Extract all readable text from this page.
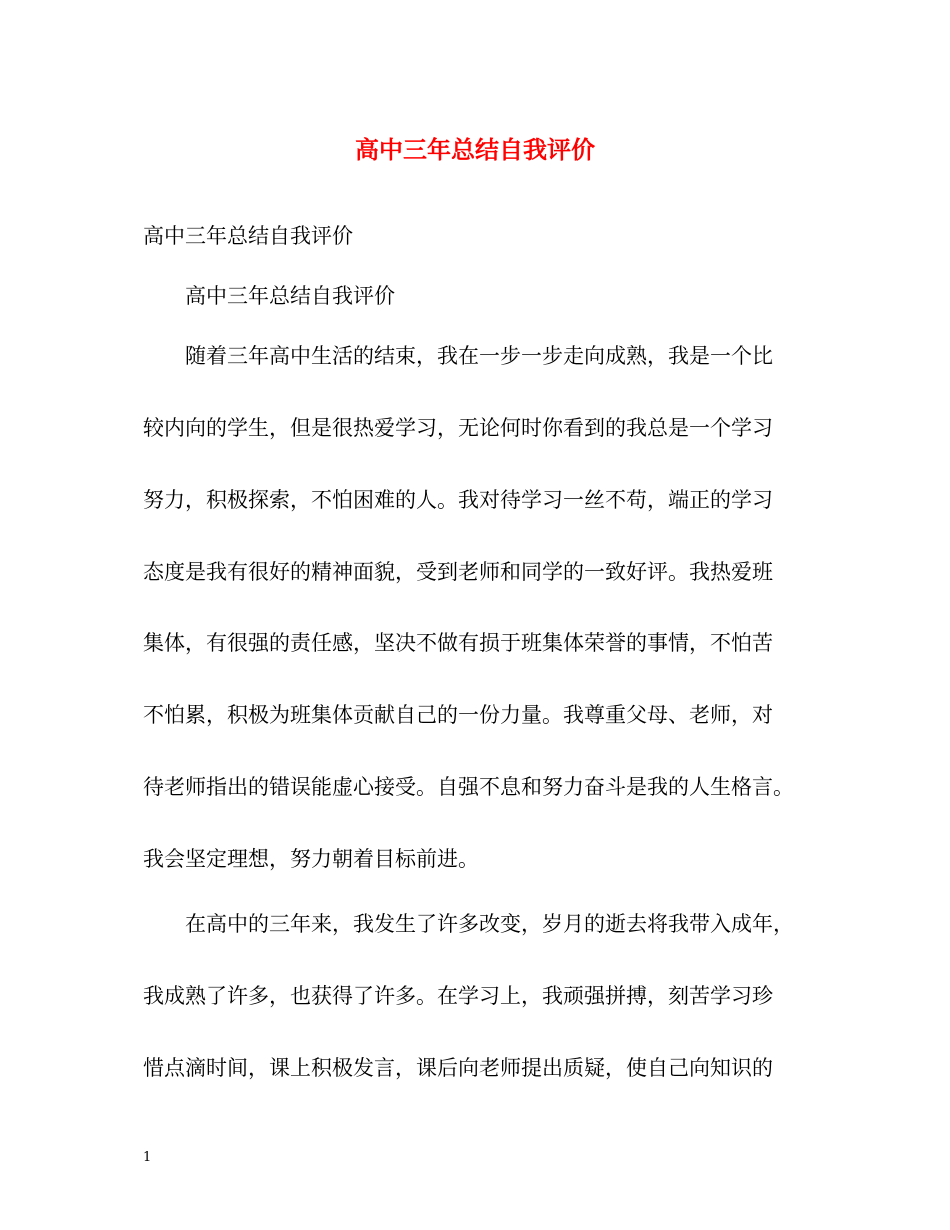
高中三年总结自我评价
高中三年总结自我评价
高中三年总结自我评价
随着三年高中生活的结束，我在一步一步走向成熟，我是一个比
较内向的学生，但是很热爱学习，无论何时你看到的我总是一个学习
努力，积极探索，不怕困难的人。我对待学习一丝不苟，端正的学习
态度是我有很好的精神面貌，受到老师和同学的一致好评。我热爱班
集体，有很强的责任感，坚决不做有损于班集体荣誉的事情，不怕苦
不怕累，积极为班集体贡献自己的一份力量。我尊重父母、老师，对
待老师指出的错误能虚心接受。自强不息和努力奋斗是我的人生格言。
我会坚定理想，努力朝着目标前进。
在高中的三年来，我发生了许多改变，岁月的逝去将我带入成年，
我成熟了许多，也获得了许多。在学习上，我顽强拼搏，刻苦学习珍
惜点滴时间，课上积极发言，课后向老师提出质疑，使自己向知识的
1
